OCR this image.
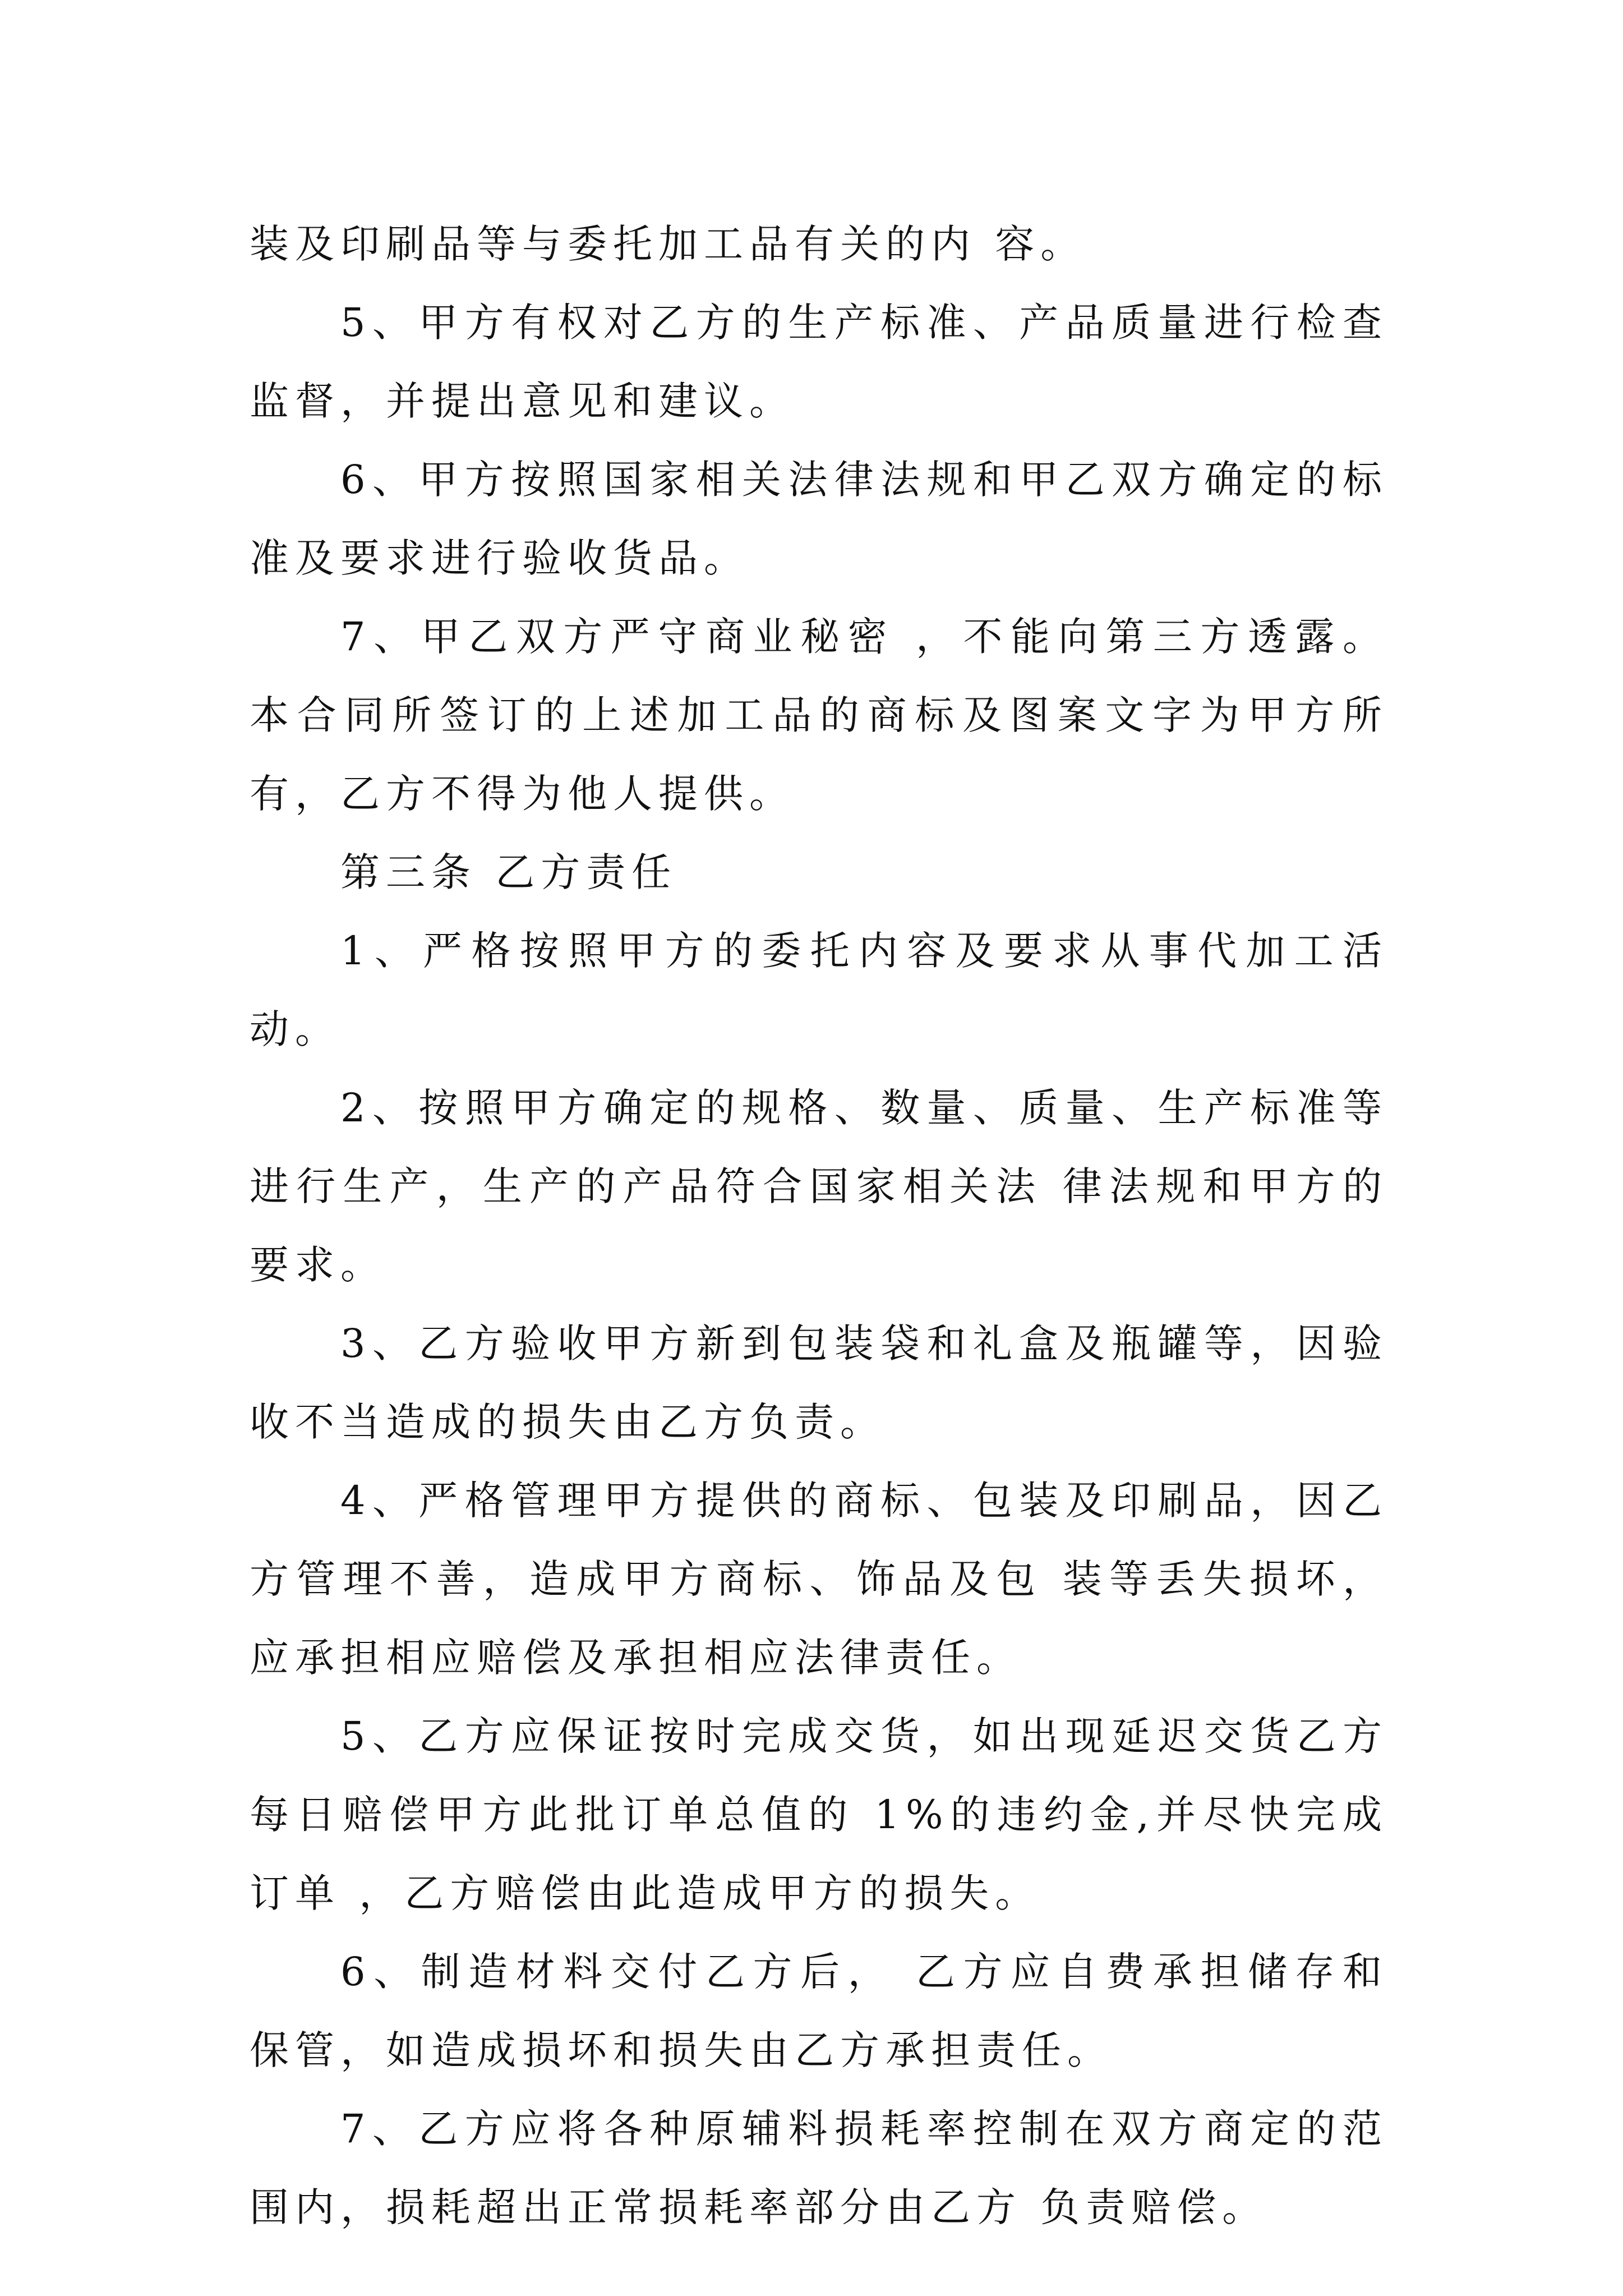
装及印刷品等与委托加工品有关的内 容。

5、甲方有权对乙方的生产标准、产品质量进行检查监督，并提出意见和建议。

6、甲方按照国家相关法律法规和甲乙双方确定的标准及要求进行验收货品。

7、甲乙双方严守商业秘密 ，不能向第三方透露。 本合同所签订的上述加工品的商标及图案文字为甲方所有，乙方不得为他人提供。

第三条 乙方责任

1、严格按照甲方的委托内容及要求从事代加工活动。

2、按照甲方确定的规格、数量、质量、生产标准等进行生产，生产的产品符合国家相关法 律法规和甲方的要求。

3、乙方验收甲方新到包装袋和礼盒及瓶罐等，因验收不当造成的损失由乙方负责。

4、严格管理甲方提供的商标、包装及印刷品，因乙方管理不善，造成甲方商标、饰品及包 装等丢失损坏，应承担相应赔偿及承担相应法律责任。

5、乙方应保证按时完成交货，如出现延迟交货乙方每日赔偿甲方此批订单总值的 1%的违约金,并尽快完成订单 ，乙方赔偿由此造成甲方的损失。

6、制造材料交付乙方后， 乙方应自费承担储存和保管，如造成损坏和损失由乙方承担责任。

7、乙方应将各种原辅料损耗率控制在双方商定的范围内，损耗超出正常损耗率部分由乙方 负责赔偿。
